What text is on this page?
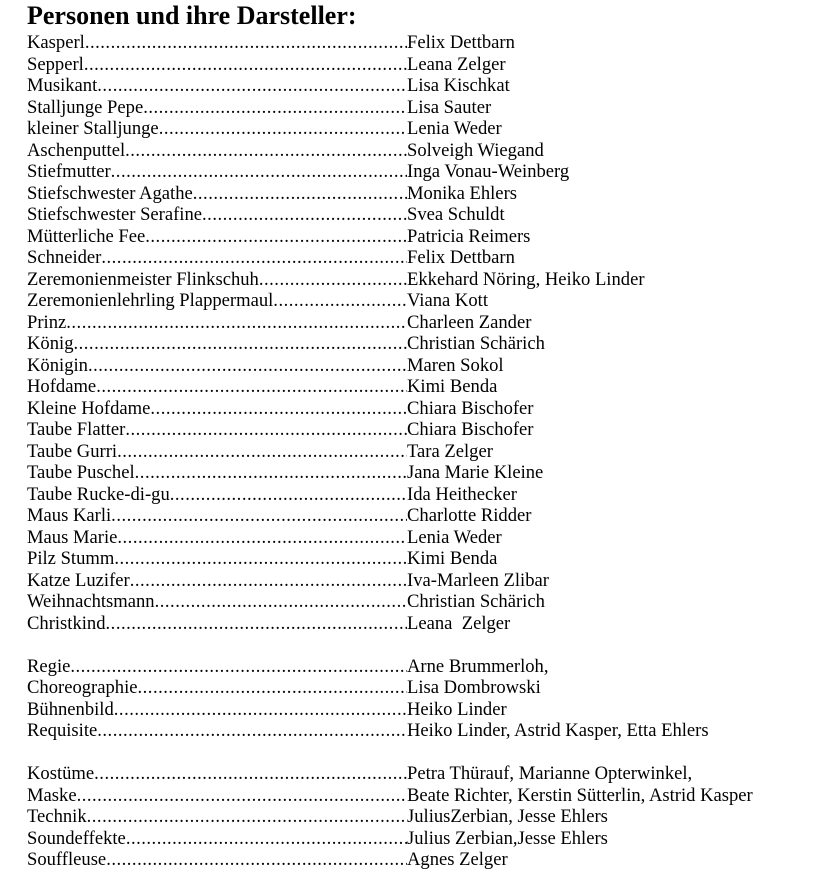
Personen und ihre Darsteller:
Kasperl .....	Felix Dettbarn
Sepperl .....	Leana Zelger
Musikant .....	Lisa Kischkat
Stalljunge Pepe .....	Lisa Sauter
kleiner Stalljunge .....	Lenia Weder
Aschenputtel .....	Solveigh Wiegand
Stiefmutter .....	Inga Vonau-Weinberg
Stiefschwester Agathe .....	Monika Ehlers
Stiefschwester Serafine .....	Svea Schuldt
Mütterliche Fee .....	Patricia Reimers
Schneider .....	Felix Dettbarn
Zeremonienmeister Flinkschuh .....	Ekkehard Nöring, Heiko Linder
Zeremonienlehrling Plappermaul .....	Viana Kott
Prinz .....	Charleen Zander
König .....	Christian Schärich
Königin .....	Maren Sokol
Hofdame .....	Kimi Benda
Kleine Hofdame .....	Chiara Bischofer
Taube Flatter .....	Chiara Bischofer
Taube Gurri .....	Tara Zelger
Taube Puschel .....	Jana Marie Kleine
Taube Rucke-di-gu .....	Ida Heithecker
Maus Karli .....	Charlotte Ridder
Maus Marie .....	Lenia Weder
Pilz Stumm .....	Kimi Benda
Katze Luzifer .....	Iva-Marleen Zlibar
Weihnachtsmann .....	Christian Schärich
Christkind .....	Leana  Zelger
Regie .....	Arne Brummerloh,
Choreographie .....	Lisa Dombrowski
Bühnenbild .....	Heiko Linder
Requisite .....	Heiko Linder, Astrid Kasper, Etta Ehlers
Kostüme .....	Petra Thürauf, Marianne Opterwinkel,
Maske .....	Beate Richter, Kerstin Sütterlin, Astrid Kasper
Technik .....	JuliusZerbian, Jesse Ehlers
Soundeffekte .....	Julius Zerbian,Jesse Ehlers
Souffleuse .....	Agnes Zelger
